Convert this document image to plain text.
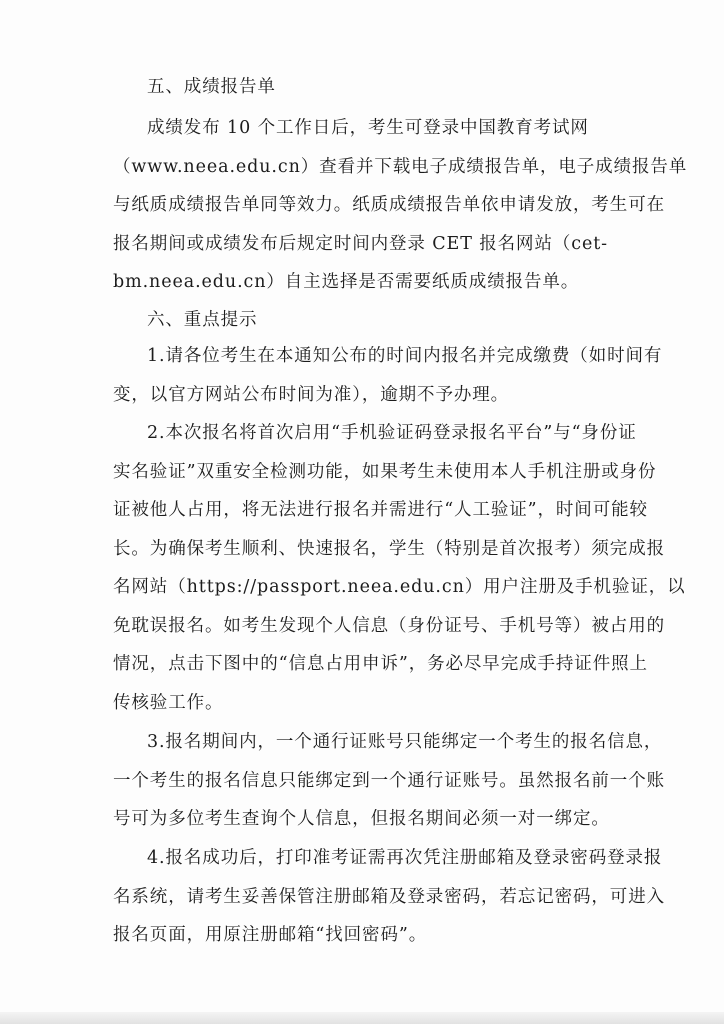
五、成绩报告单
成绩发布 10 个工作日后，考生可登录中国教育考试网
（www.neea.edu.cn）查看并下载电子成绩报告单，电子成绩报告单
与纸质成绩报告单同等效力。纸质成绩报告单依申请发放，考生可在
报名期间或成绩发布后规定时间内登录 CET 报名网站（cet-
bm.neea.edu.cn）自主选择是否需要纸质成绩报告单。
六、重点提示
1.请各位考生在本通知公布的时间内报名并完成缴费（如时间有
变，以官方网站公布时间为准），逾期不予办理。
2.本次报名将首次启用“手机验证码登录报名平台”与“身份证
实名验证”双重安全检测功能，如果考生未使用本人手机注册或身份
证被他人占用，将无法进行报名并需进行“人工验证”，时间可能较
长。为确保考生顺利、快速报名，学生（特别是首次报考）须完成报
名网站（https://passport.neea.edu.cn）用户注册及手机验证，以
免耽误报名。如考生发现个人信息（身份证号、手机号等）被占用的
情况，点击下图中的“信息占用申诉”，务必尽早完成手持证件照上
传核验工作。
3.报名期间内，一个通行证账号只能绑定一个考生的报名信息，
一个考生的报名信息只能绑定到一个通行证账号。虽然报名前一个账
号可为多位考生查询个人信息，但报名期间必须一对一绑定。
4.报名成功后，打印准考证需再次凭注册邮箱及登录密码登录报
名系统，请考生妥善保管注册邮箱及登录密码，若忘记密码，可进入
报名页面，用原注册邮箱“找回密码”。
